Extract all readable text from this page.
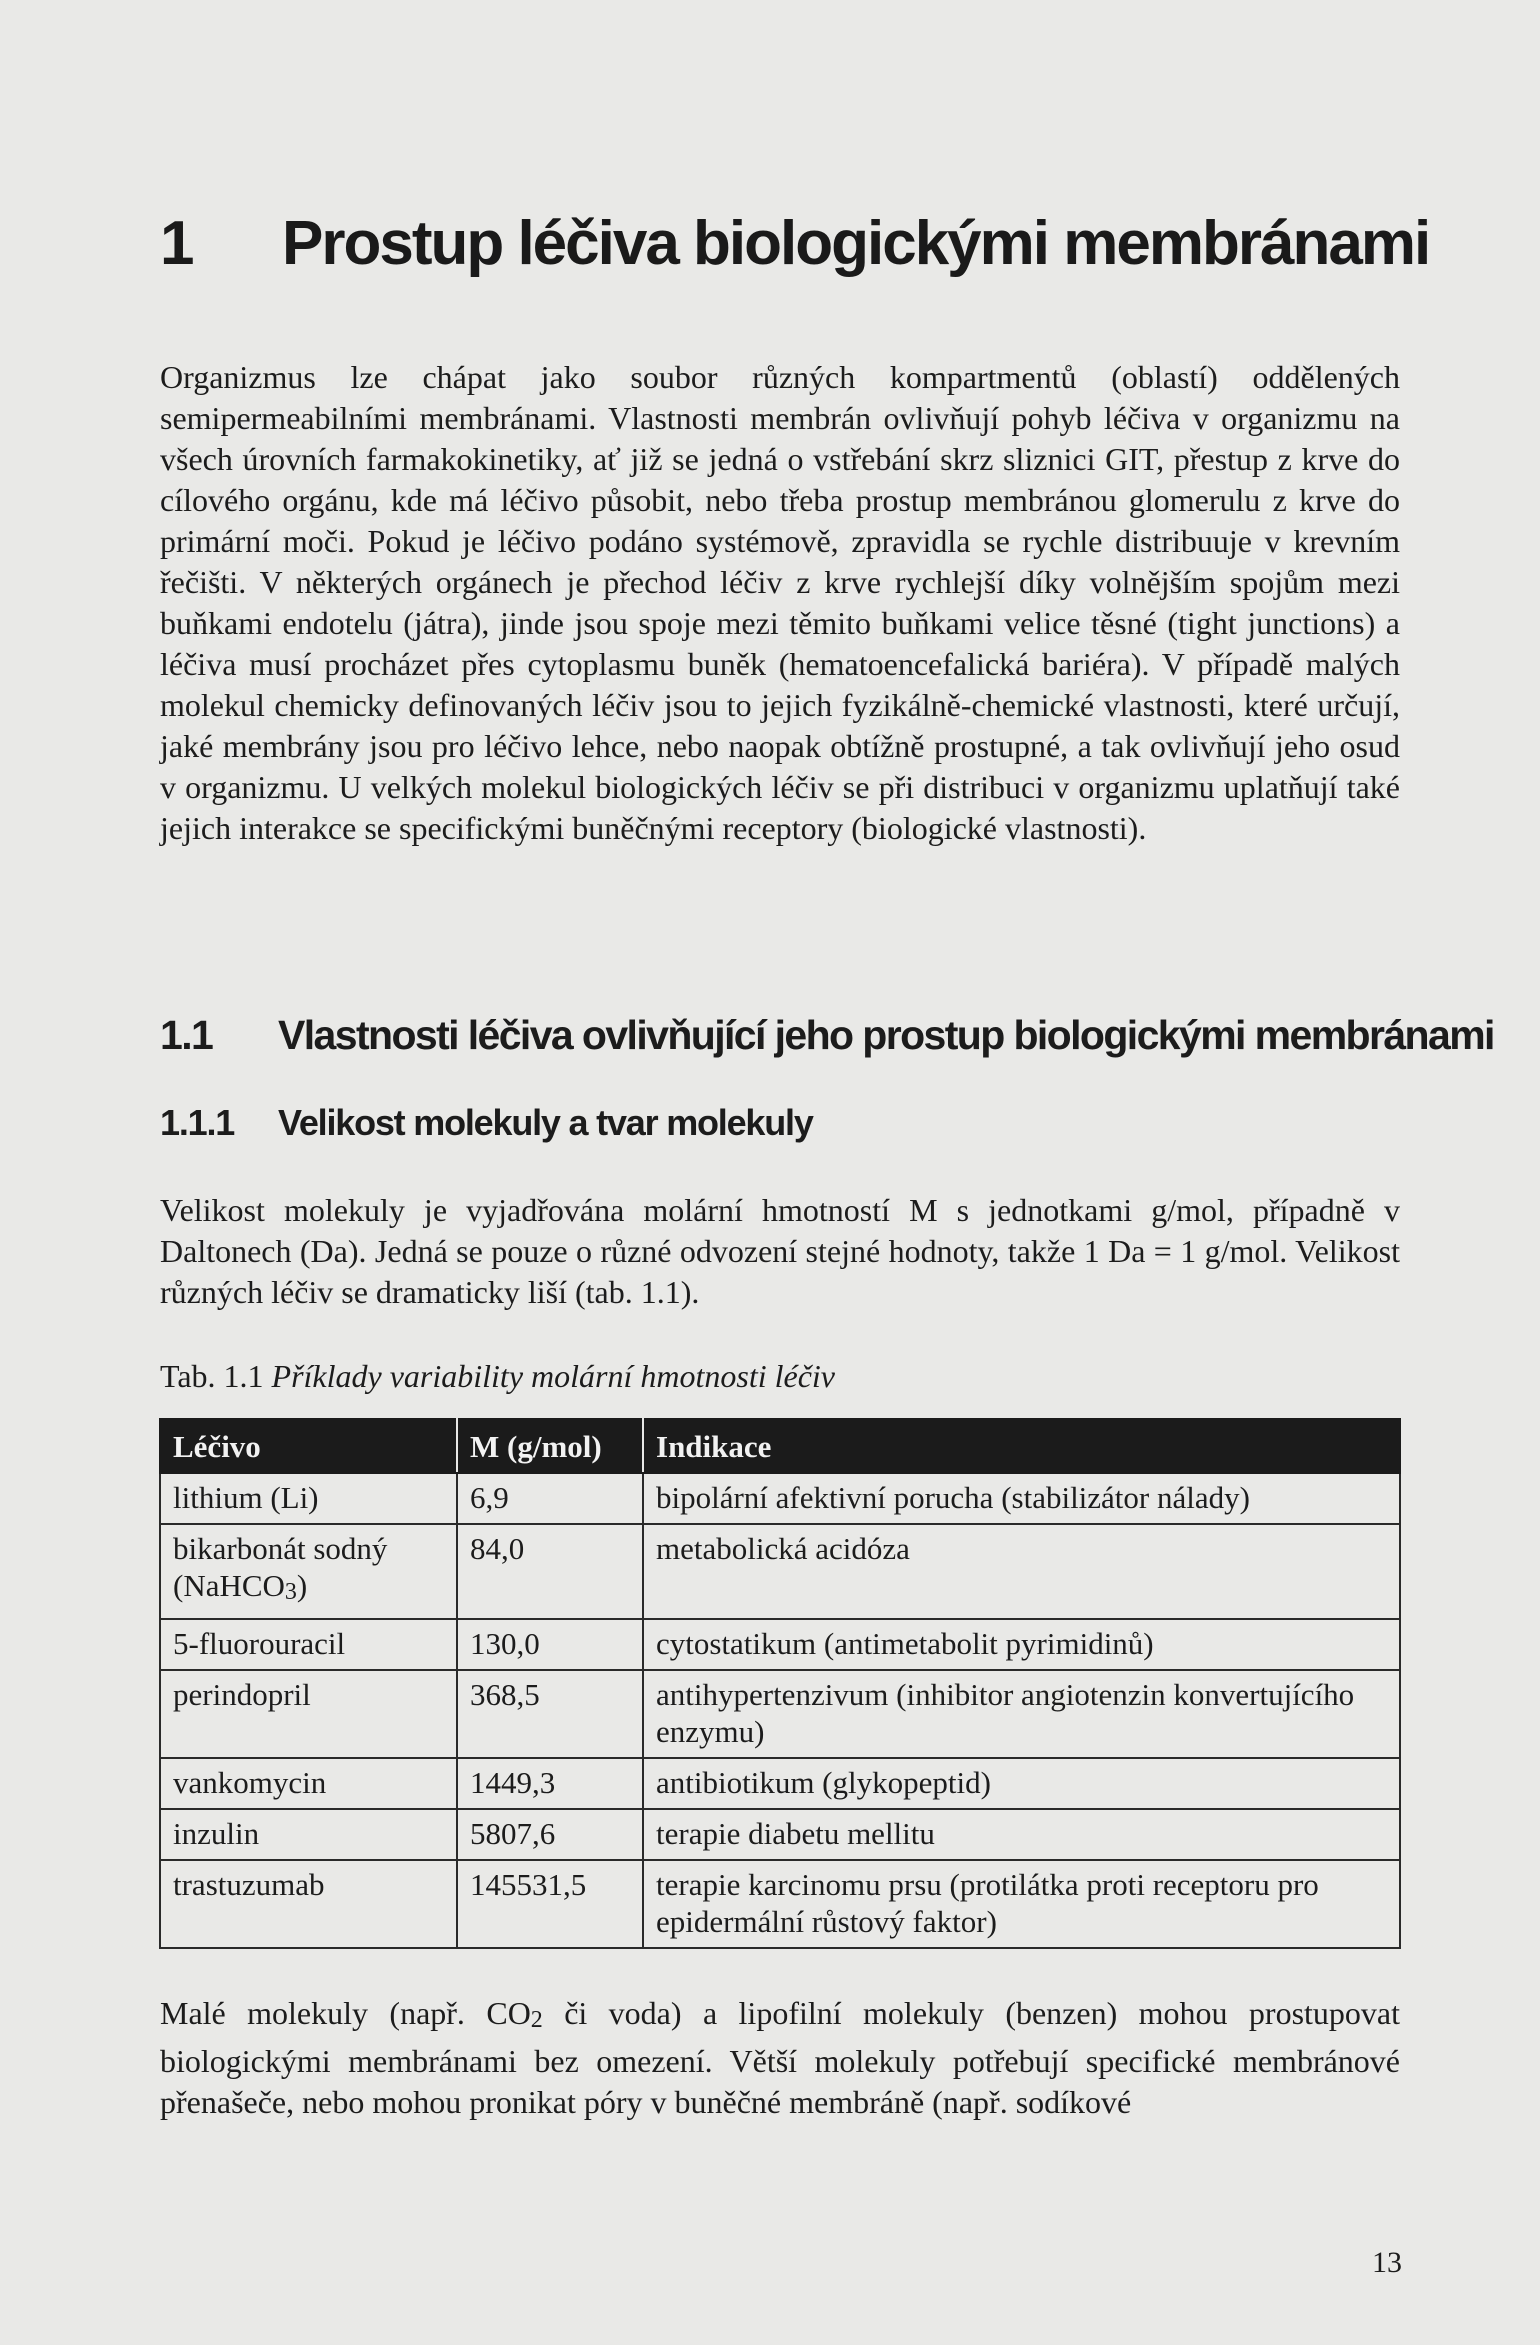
1 Prostup léčiva biologickými membránami
Organizmus lze chápat jako soubor různých kompartmentů (oblastí) oddělených semipermeabilními membránami. Vlastnosti membrán ovlivňují pohyb léčiva v organizmu na všech úrovních farmakokinetiky, ať již se jedná o vstřebání skrz sliznici GIT, přestup z krve do cílového orgánu, kde má léčivo působit, nebo třeba prostup membránou glomerulu z krve do primární moči. Pokud je léčivo podáno systémově, zpravidla se rychle distribuuje v krevním řečišti. V některých orgánech je přechod léčiv z krve rychlejší díky volnějším spojům mezi buňkami endotelu (játra), jinde jsou spoje mezi těmito buňkami velice těsné (tight junctions) a léčiva musí procházet přes cytoplasmu buněk (hematoencefalická bariéra). V případě malých molekul chemicky definovaných léčiv jsou to jejich fyzikálně-chemické vlastnosti, které určují, jaké membrány jsou pro léčivo lehce, nebo naopak obtížně prostupné, a tak ovlivňují jeho osud v organizmu. U velkých molekul biologických léčiv se při distribuci v organizmu uplatňují také jejich interakce se specifickými buněčnými receptory (biologické vlastnosti).
1.1 Vlastnosti léčiva ovlivňující jeho prostup biologickými membránami
1.1.1 Velikost molekuly a tvar molekuly
Velikost molekuly je vyjadřována molární hmotností M s jednotkami g/mol, případně v Daltonech (Da). Jedná se pouze o různé odvození stejné hodnoty, takže 1 Da = 1 g/mol. Velikost různých léčiv se dramaticky liší (tab. 1.1).
Tab. 1.1 Příklady variability molární hmotnosti léčiv
Léčivo	M (g/mol)	Indikace
lithium (Li)	6,9	bipolární afektivní porucha (stabilizátor nálady)
bikarbonát sodný
(NaHCO3)	84,0	metabolická acidóza
5-fluorouracil	130,0	cytostatikum (antimetabolit pyrimidinů)
perindopril	368,5	antihypertenzivum (inhibitor angiotenzin konvertujícího enzymu)
vankomycin	1449,3	antibiotikum (glykopeptid)
inzulin	5807,6	terapie diabetu mellitu
trastuzumab	145531,5	terapie karcinomu prsu (protilátka proti receptoru pro epidermální růstový faktor)
Malé molekuly (např. CO2 či voda) a lipofilní molekuly (benzen) mohou prostupovat biologickými membránami bez omezení. Větší molekuly potřebují specifické membránové přenašeče, nebo mohou pronikat póry v buněčné membráně (např. sodíkové
13
